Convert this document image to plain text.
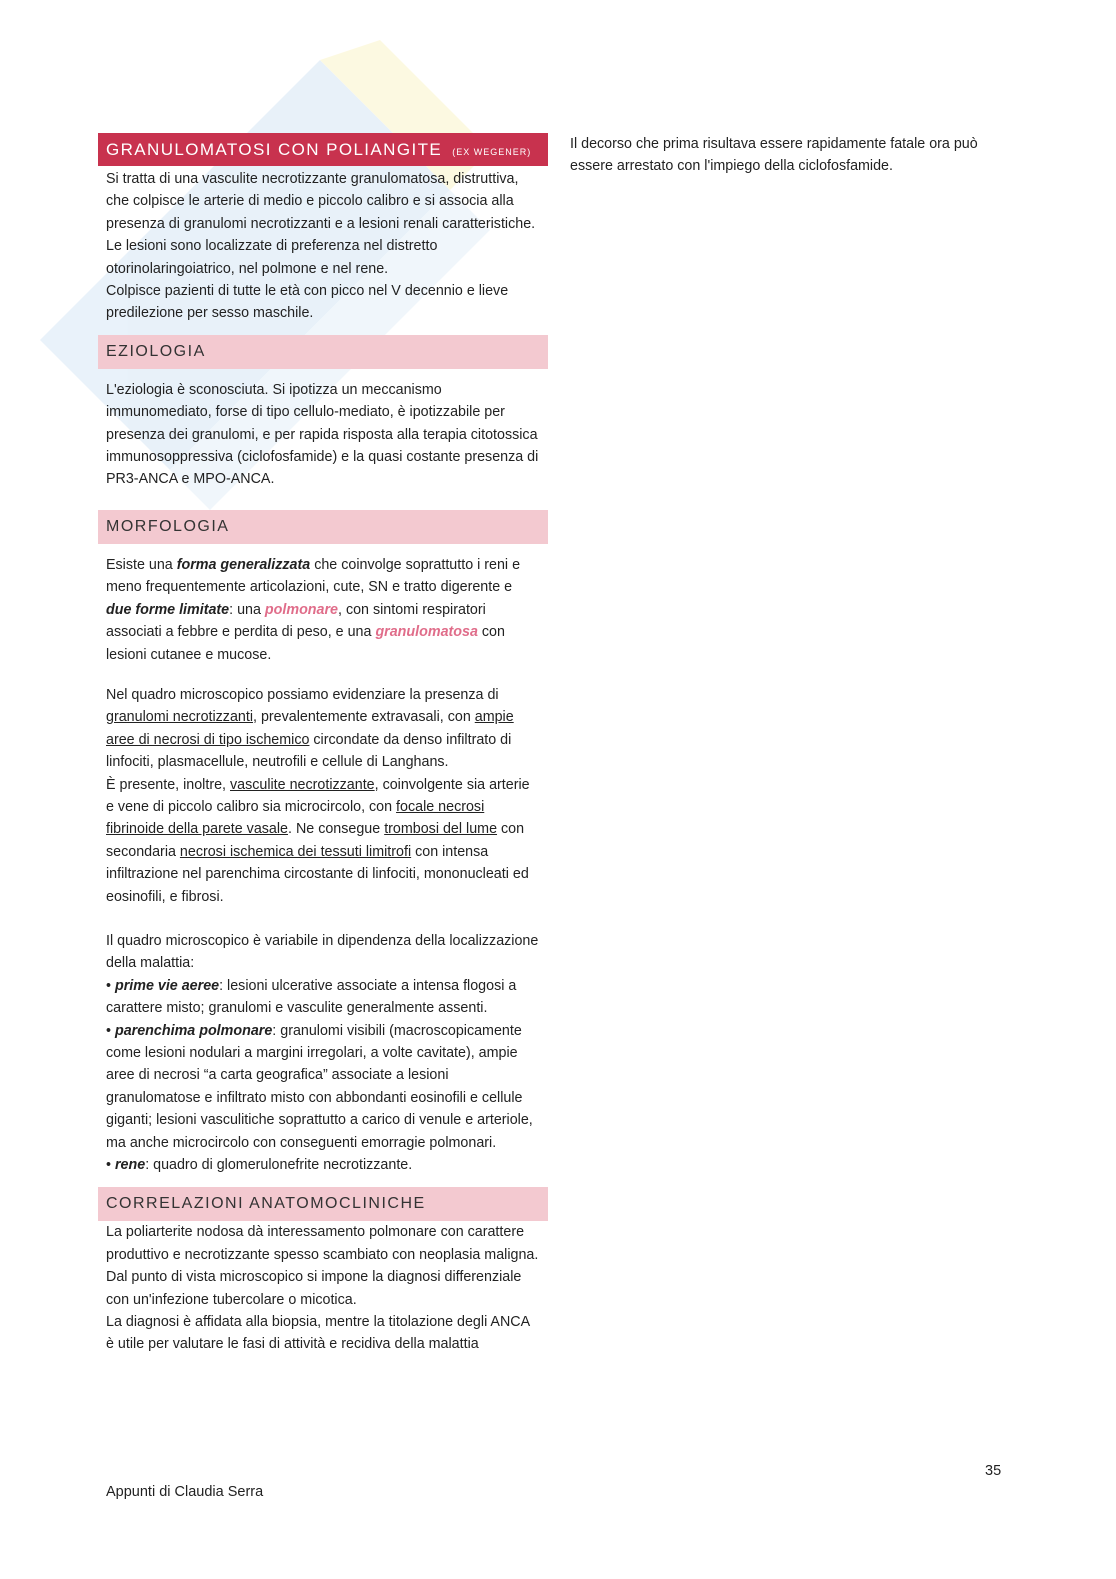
GRANULOMATOSI CON POLIANGITE (EX WEGENER)

Si tratta di una vasculite necrotizzante granulomatosa, distruttiva, che colpisce le arterie di medio e piccolo calibro e si associa alla presenza di granulomi necrotizzanti e a lesioni renali caratteristiche.

Le lesioni sono localizzate di preferenza nel distretto otorinolaringoiatrico, nel polmone e nel rene.

Colpisce pazienti di tutte le età con picco nel V decennio e lieve predilezione per sesso maschile.

EZIOLOGIA

L'eziologia è sconosciuta. Si ipotizza un meccanismo immunomediato, forse di tipo cellulo-mediato, è ipotizzabile per presenza dei granulomi, e per rapida risposta alla terapia citotossica immunosoppressiva (ciclofosfamide) e la quasi costante presenza di PR3-ANCA e MPO-ANCA.

MORFOLOGIA

Esiste una forma generalizzata che coinvolge soprattutto i reni e meno frequentemente articolazioni, cute, SN e tratto digerente e due forme limitate: una polmonare, con sintomi respiratori associati a febbre e perdita di peso, e una granulomatosa con lesioni cutanee e mucose.

Nel quadro microscopico possiamo evidenziare la presenza di granulomi necrotizzanti, prevalentemente extravasali, con ampie aree di necrosi di tipo ischemico circondate da denso infiltrato di linfociti, plasmacellule, neutrofili e cellule di Langhans.

È presente, inoltre, vasculite necrotizzante, coinvolgente sia arterie e vene di piccolo calibro sia microcircolo, con focale necrosi fibrinoide della parete vasale. Ne consegue trombosi del lume con secondaria necrosi ischemica dei tessuti limitrofi con intensa infiltrazione nel parenchima circostante di linfociti, mononucleati ed eosinofili, e fibrosi.

Il quadro microscopico è variabile in dipendenza della localizzazione della malattia:

• prime vie aeree: lesioni ulcerative associate a intensa flogosi a carattere misto; granulomi e vasculite generalmente assenti.

• parenchima polmonare: granulomi visibili (macroscopicamente come lesioni nodulari a margini irregolari, a volte cavitate), ampie aree di necrosi “a carta geografica” associate a lesioni granulomatose e infiltrato misto con abbondanti eosinofili e cellule giganti; lesioni vasculitiche soprattutto a carico di venule e arteriole, ma anche microcircolo con conseguenti emorragie polmonari.

• rene: quadro di glomerulonefrite necrotizzante.

CORRELAZIONI ANATOMOCLINICHE

La poliarterite nodosa dà interessamento polmonare con carattere produttivo e necrotizzante spesso scambiato con neoplasia maligna. Dal punto di vista microscopico si impone la diagnosi differenziale con un'infezione tubercolare o micotica.

La diagnosi è affidata alla biopsia, mentre la titolazione degli ANCA è utile per valutare le fasi di attività e recidiva della malattia

Il decorso che prima risultava essere rapidamente fatale ora può essere arrestato con l'impiego della ciclofosfamide.

35
Appunti di Claudia Serra
